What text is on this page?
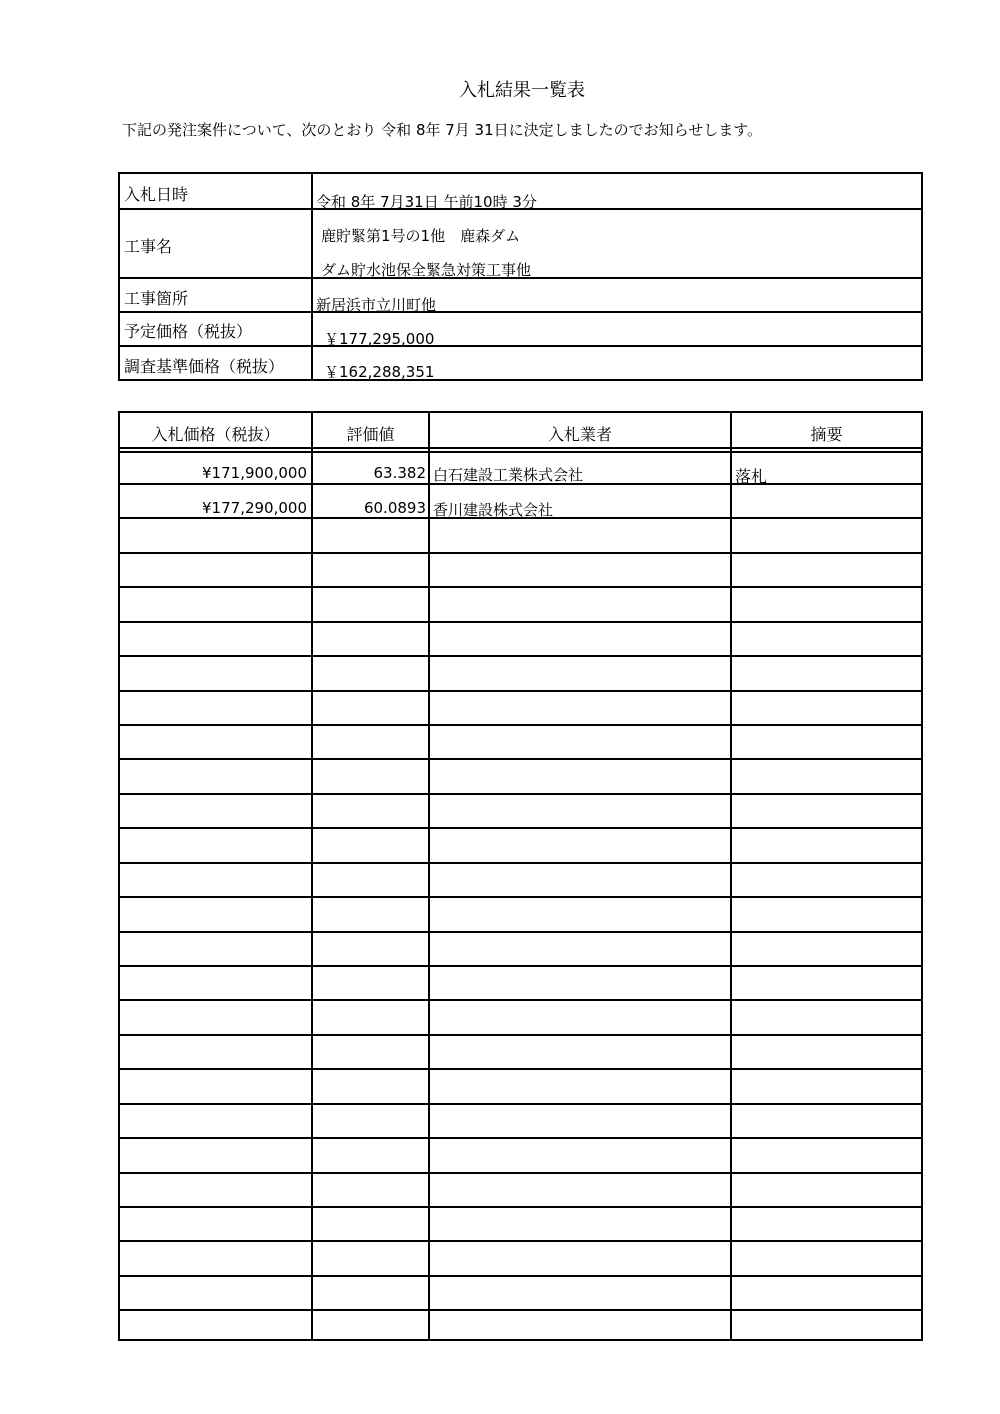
入札結果一覧表
下記の発注案件について、次のとおり 令和 8年 7月 31日に決定しましたのでお知らせします。
入札日時	令和 8年 7月31日 午前10時 3分
工事名
鹿貯緊第1号の1他　鹿森ダム
ダム貯水池保全緊急対策工事他
工事箇所	新居浜市立川町他
予定価格（税抜）	￥177,295,000
調査基準価格（税抜）	￥162,288,351
入札価格（税抜）	評価値	入札業者	摘要
¥171,900,000	63.382 白石建設工業株式会社	落札
¥177,290,000	60.0893 香川建設株式会社
